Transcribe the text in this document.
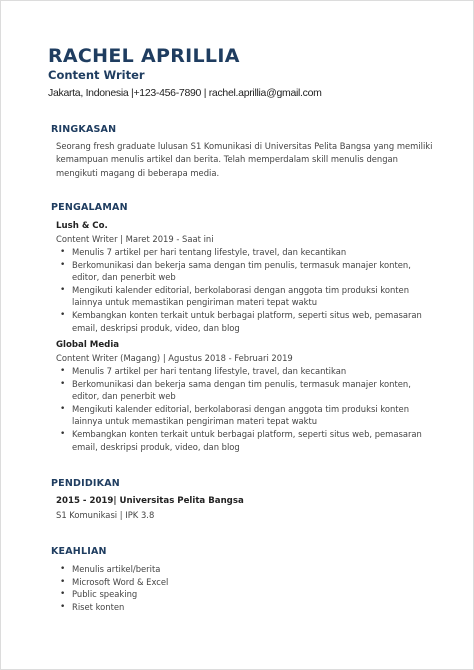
RACHEL APRILLIA
Content Writer
Jakarta, Indonesia |+123-456-7890 | rachel.aprillia@gmail.com
RINGKASAN
Seorang fresh graduate lulusan S1 Komunikasi di Universitas Pelita Bangsa yang memiliki kemampuan menulis artikel dan berita. Telah memperdalam skill menulis dengan mengikuti magang di beberapa media.
PENGALAMAN
Lush & Co.
Content Writer | Maret 2019 - Saat ini
• Menulis 7 artikel per hari tentang lifestyle, travel, dan kecantikan
• Berkomunikasi dan bekerja sama dengan tim penulis, termasuk manajer konten, editor, dan penerbit web
• Mengikuti kalender editorial, berkolaborasi dengan anggota tim produksi konten lainnya untuk memastikan pengiriman materi tepat waktu
• Kembangkan konten terkait untuk berbagai platform, seperti situs web, pemasaran email, deskripsi produk, video, dan blog
Global Media
Content Writer (Magang) | Agustus 2018 - Februari 2019
• Menulis 7 artikel per hari tentang lifestyle, travel, dan kecantikan
• Berkomunikasi dan bekerja sama dengan tim penulis, termasuk manajer konten, editor, dan penerbit web
• Mengikuti kalender editorial, berkolaborasi dengan anggota tim produksi konten lainnya untuk memastikan pengiriman materi tepat waktu
• Kembangkan konten terkait untuk berbagai platform, seperti situs web, pemasaran email, deskripsi produk, video, dan blog
PENDIDIKAN
2015 - 2019| Universitas Pelita Bangsa
S1 Komunikasi | IPK 3.8
KEAHLIAN
• Menulis artikel/berita
• Microsoft Word & Excel
• Public speaking
• Riset konten
